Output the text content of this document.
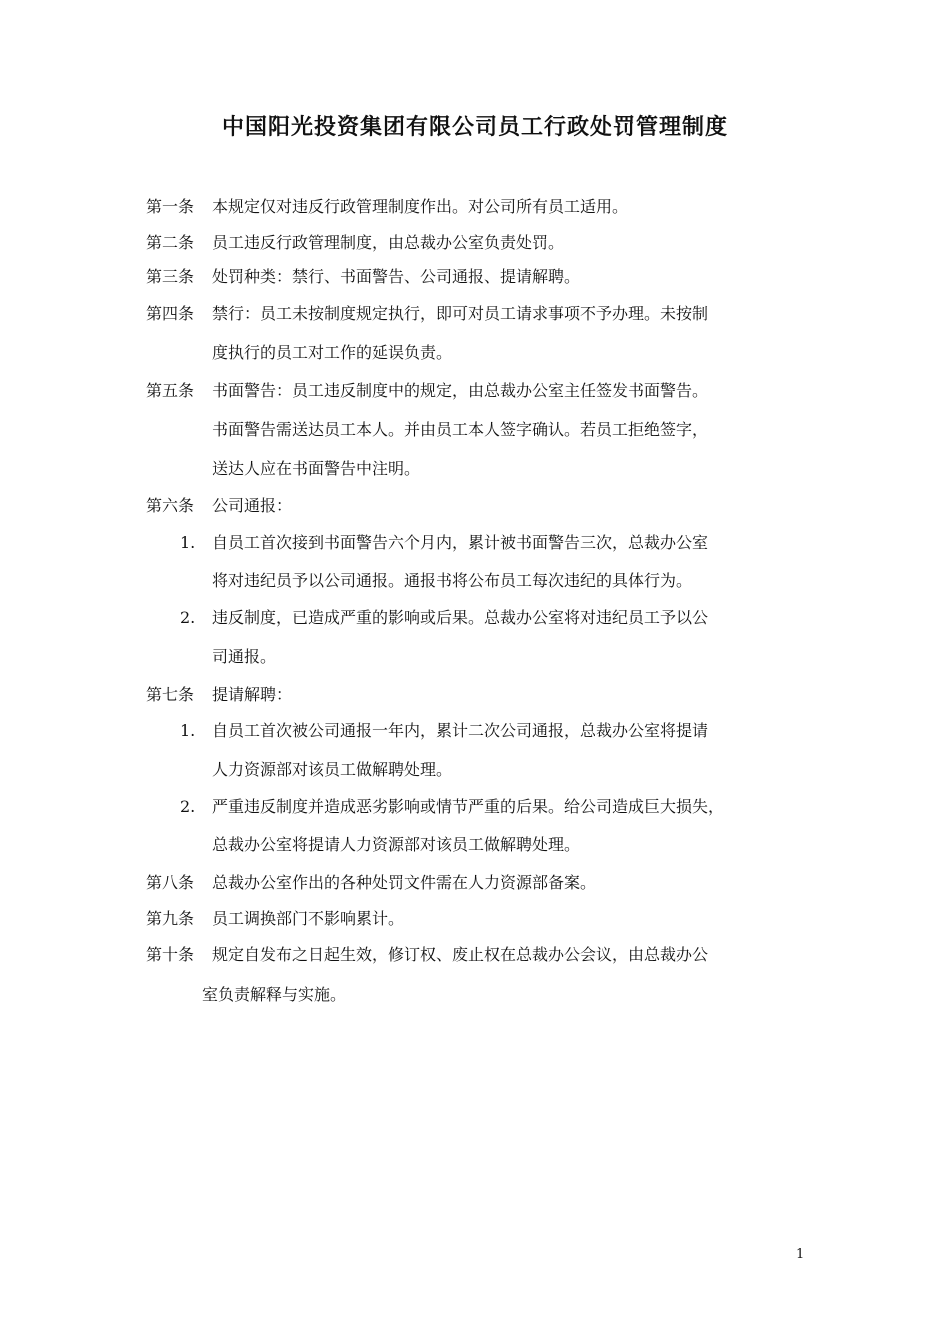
中国阳光投资集团有限公司员工行政处罚管理制度
第一条 本规定仅对违反行政管理制度作出。对公司所有员工适用。
第二条 员工违反行政管理制度，由总裁办公室负责处罚。
第三条 处罚种类：禁行、书面警告、公司通报、提请解聘。
第四条 禁行：员工未按制度规定执行，即可对员工请求事项不予办理。未按制
度执行的员工对工作的延误负责。
第五条 书面警告：员工违反制度中的规定，由总裁办公室主任签发书面警告。
书面警告需送达员工本人。并由员工本人签字确认。若员工拒绝签字，
送达人应在书面警告中注明。
第六条 公司通报：
1. 自员工首次接到书面警告六个月内，累计被书面警告三次，总裁办公室
将对违纪员予以公司通报。通报书将公布员工每次违纪的具体行为。
2. 违反制度，已造成严重的影响或后果。总裁办公室将对违纪员工予以公
司通报。
第七条 提请解聘：
1. 自员工首次被公司通报一年内，累计二次公司通报，总裁办公室将提请
人力资源部对该员工做解聘处理。
2. 严重违反制度并造成恶劣影响或情节严重的后果。给公司造成巨大损失，
总裁办公室将提请人力资源部对该员工做解聘处理。
第八条 总裁办公室作出的各种处罚文件需在人力资源部备案。
第九条 员工调换部门不影响累计。
第十条 规定自发布之日起生效，修订权、废止权在总裁办公会议，由总裁办公
室负责解释与实施。
1
